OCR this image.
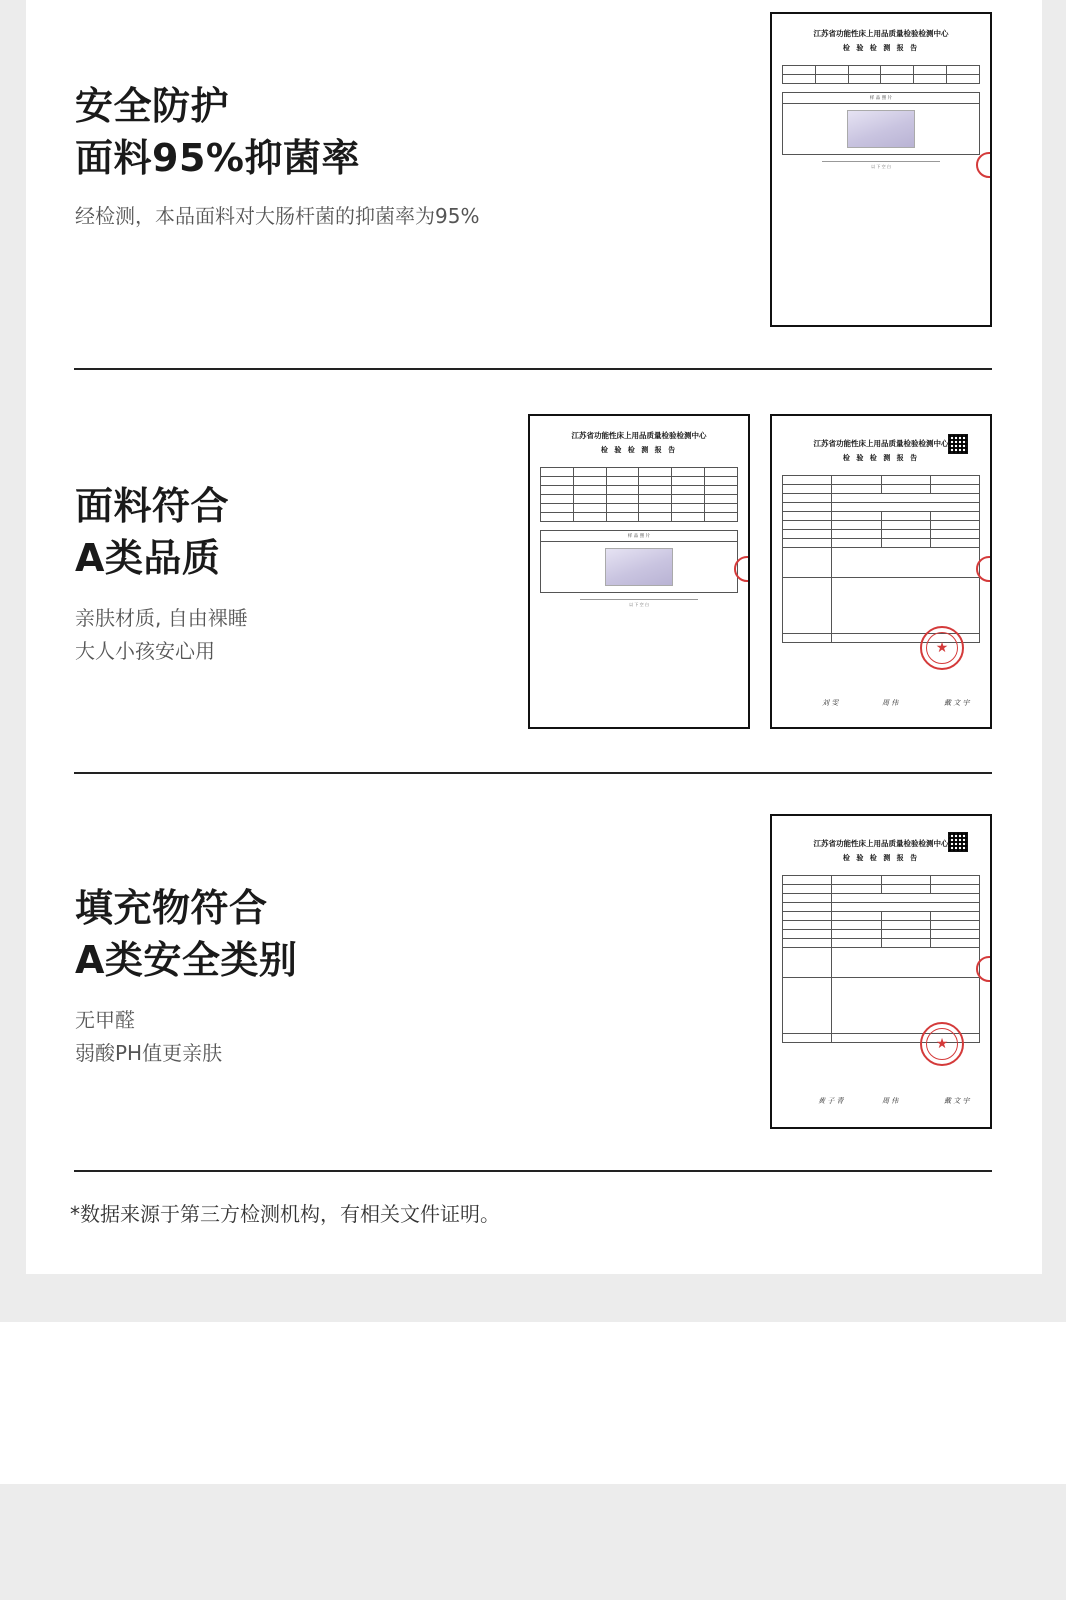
安全防护
面料95%抑菌率
经检测，本品面料对大肠杆菌的抑菌率为95%
江苏省功能性床上用品质量检验检测中心
检 验 检 测 报 告

样 品 照 片
以 下 空 白
面料符合
A类品质
亲肤材质, 自由裸睡
大人小孩安心用
江苏省功能性床上用品质量检验检测中心
检 验 检 测 报 告

样 品 照 片
以 下 空 白
江苏省功能性床上用品质量检验检测中心
检 验 检 测 报 告

★
刘 雯	周 伟	戴 文 宇
填充物符合
A类安全类别
无甲醛
弱酸PH值更亲肤
江苏省功能性床上用品质量检验检测中心
检 验 检 测 报 告

★
黄 子 青	周 伟	戴 文 宇
*数据来源于第三方检测机构，有相关文件证明。
